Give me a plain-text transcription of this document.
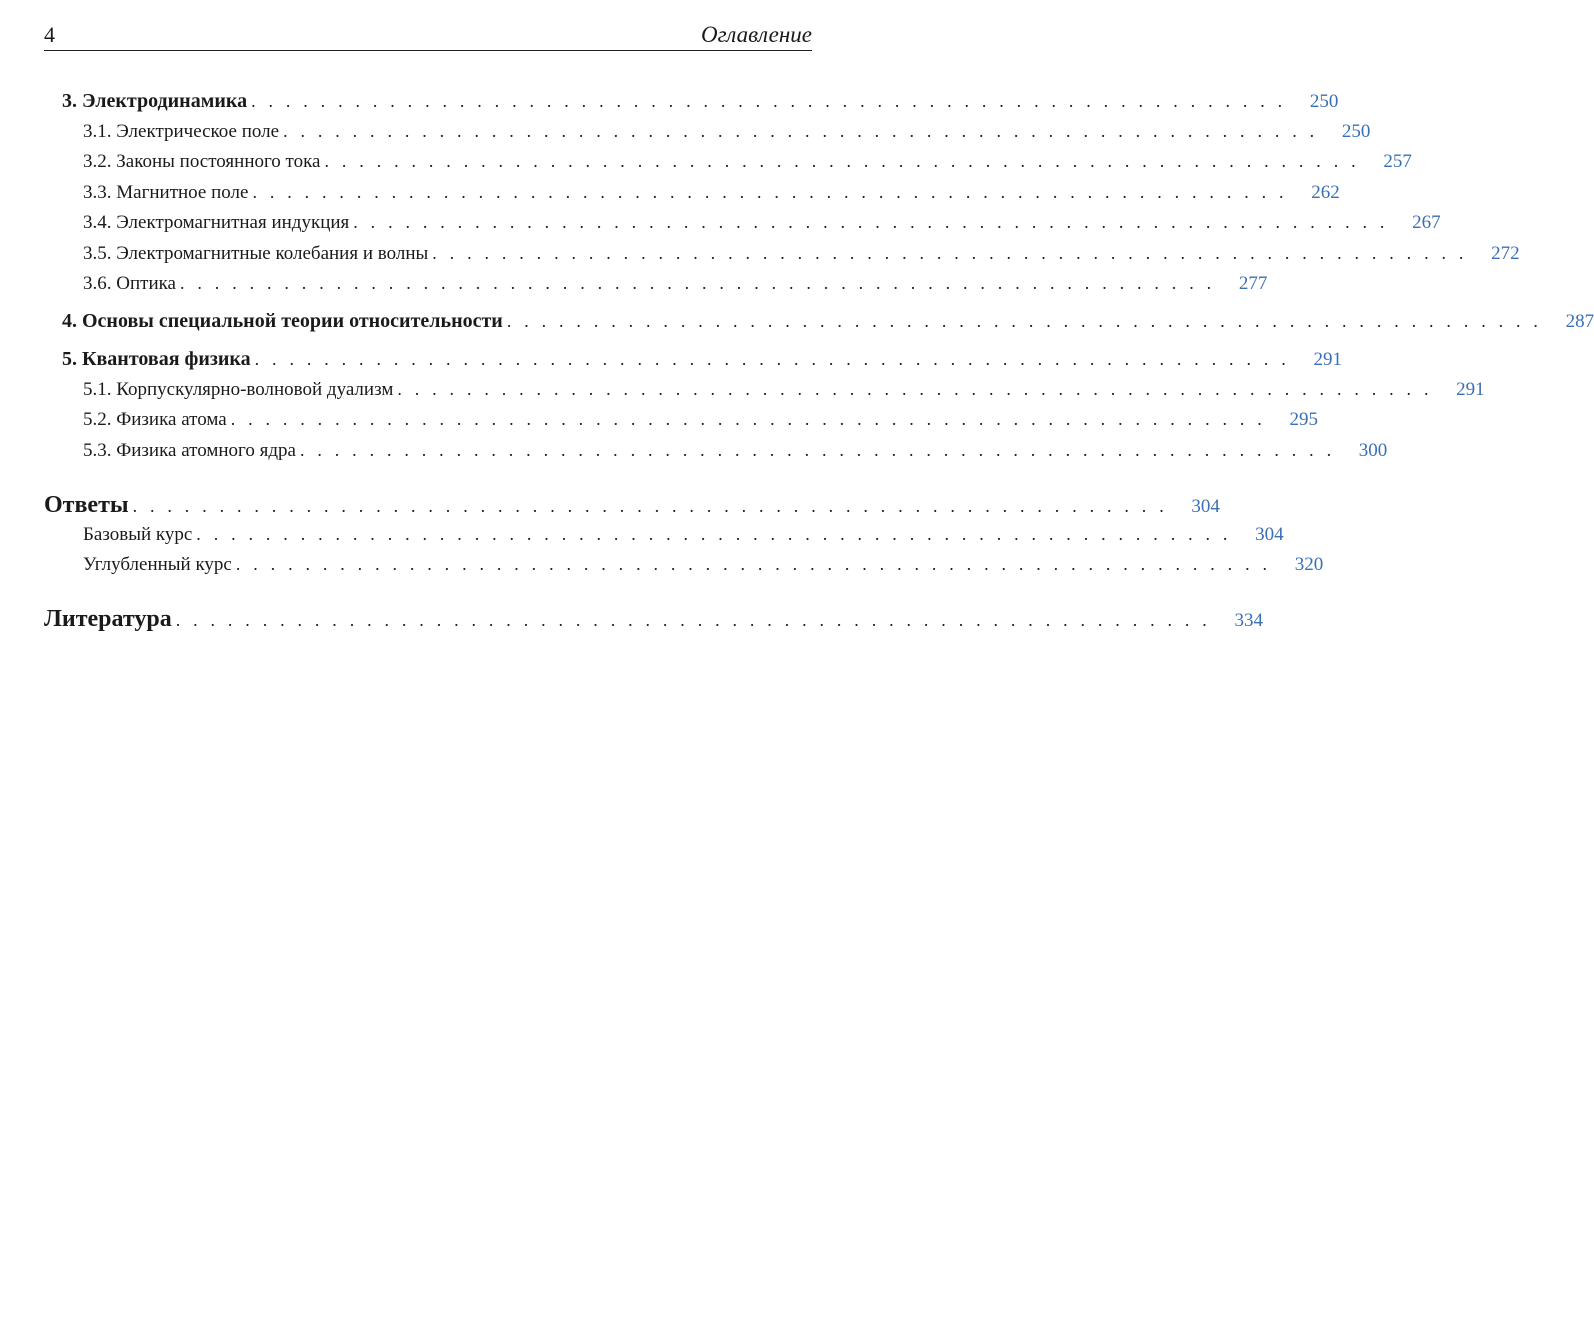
4	Оглавление
3. Электродинамика . . . . . . . . . . . . . . . . . . . . . . . . . . . . . . . . . . . . . . . . . . . . . . . . . . . . . . . . . . . . 250
3.1. Электрическое поле . . . . . . . . . . . . . . . . . . . . . . . . . . . . . . . . . . . . . . . . . . . . . . . . . . . . . . . . . . . . 250
3.2. Законы постоянного тока . . . . . . . . . . . . . . . . . . . . . . . . . . . . . . . . . . . . . . . . . . . . . . . . . . . . . . . . . . . . 257
3.3. Магнитное поле . . . . . . . . . . . . . . . . . . . . . . . . . . . . . . . . . . . . . . . . . . . . . . . . . . . . . . . . . . . . 262
3.4. Электромагнитная индукция . . . . . . . . . . . . . . . . . . . . . . . . . . . . . . . . . . . . . . . . . . . . . . . . . . . . . . . . . . . . 267
3.5. Электромагнитные колебания и волны . . . . . . . . . . . . . . . . . . . . . . . . . . . . . . . . . . . . . . . . . . . . . . . . . . . . . . . . . . . . 272
3.6. Оптика . . . . . . . . . . . . . . . . . . . . . . . . . . . . . . . . . . . . . . . . . . . . . . . . . . . . . . . . . . . . 277
4. Основы специальной теории относительности . . . . . . . . . . . . . . . . . . . . . . . . . . . . . . . . . . . . . . . . . . . . . . . . . . . . . . . . . . . . 287
5. Квантовая физика . . . . . . . . . . . . . . . . . . . . . . . . . . . . . . . . . . . . . . . . . . . . . . . . . . . . . . . . . . . . 291
5.1. Корпускулярно-волновой дуализм . . . . . . . . . . . . . . . . . . . . . . . . . . . . . . . . . . . . . . . . . . . . . . . . . . . . . . . . . . . . 291
5.2. Физика атома . . . . . . . . . . . . . . . . . . . . . . . . . . . . . . . . . . . . . . . . . . . . . . . . . . . . . . . . . . . . 295
5.3. Физика атомного ядра . . . . . . . . . . . . . . . . . . . . . . . . . . . . . . . . . . . . . . . . . . . . . . . . . . . . . . . . . . . . 300
Ответы . . . . . . . . . . . . . . . . . . . . . . . . . . . . . . . . . . . . . . . . . . . . . . . . . . . . . . . . . . . . 304
Базовый курс . . . . . . . . . . . . . . . . . . . . . . . . . . . . . . . . . . . . . . . . . . . . . . . . . . . . . . . . . . . . 304
Углубленный курс . . . . . . . . . . . . . . . . . . . . . . . . . . . . . . . . . . . . . . . . . . . . . . . . . . . . . . . . . . . . 320
Литература . . . . . . . . . . . . . . . . . . . . . . . . . . . . . . . . . . . . . . . . . . . . . . . . . . . . . . . . . . . . 334
